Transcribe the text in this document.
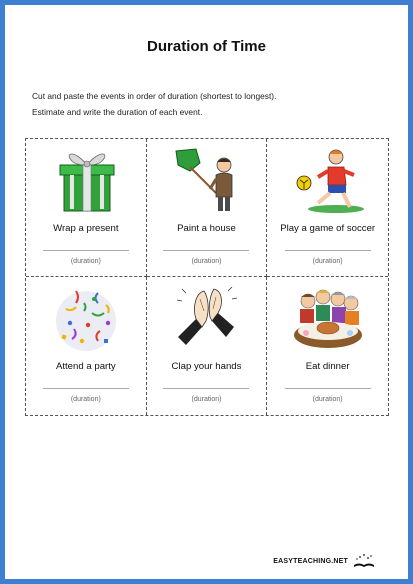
Duration of Time
Cut and paste the events in order of duration (shortest to longest).
Estimate and write the duration of each event.
Wrap a present
(duration)
Paint a house
(duration)
Play a game of soccer
(duration)
Attend a party
(duration)
Clap your hands
(duration)
Eat dinner
(duration)
EASYTEACHING.NET
